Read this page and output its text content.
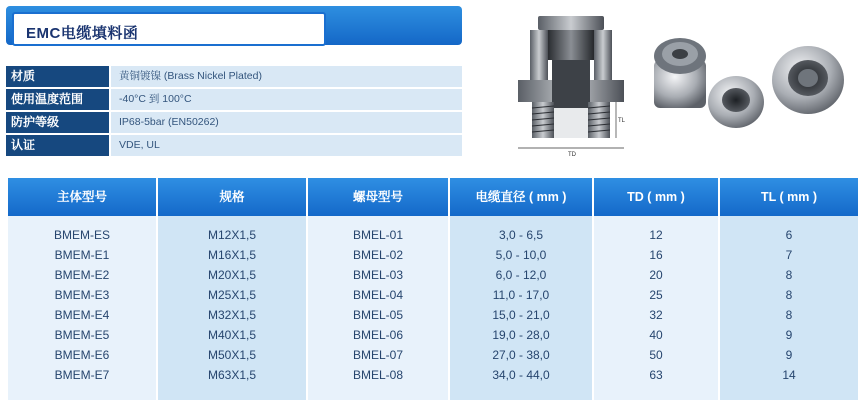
EMC电缆填料函
材质	黄铜镀镍 (Brass Nickel Plated)
使用温度范围	-40°C 到 100°C
防护等级	IP68-5bar (EN50262)
认证	VDE, UL
TD
TL
主体型号	规格	螺母型号	电缆直径 ( mm )	TD ( mm )	TL ( mm )
BMEM-ES	M12X1,5	BMEL-01	3,0 - 6,5	12	6
BMEM-E1	M16X1,5	BMEL-02	5,0 - 10,0	16	7
BMEM-E2	M20X1,5	BMEL-03	6,0 - 12,0	20	8
BMEM-E3	M25X1,5	BMEL-04	11,0 - 17,0	25	8
BMEM-E4	M32X1,5	BMEL-05	15,0 - 21,0	32	8
BMEM-E5	M40X1,5	BMEL-06	19,0 - 28,0	40	9
BMEM-E6	M50X1,5	BMEL-07	27,0 - 38,0	50	9
BMEM-E7	M63X1,5	BMEL-08	34,0 - 44,0	63	14
